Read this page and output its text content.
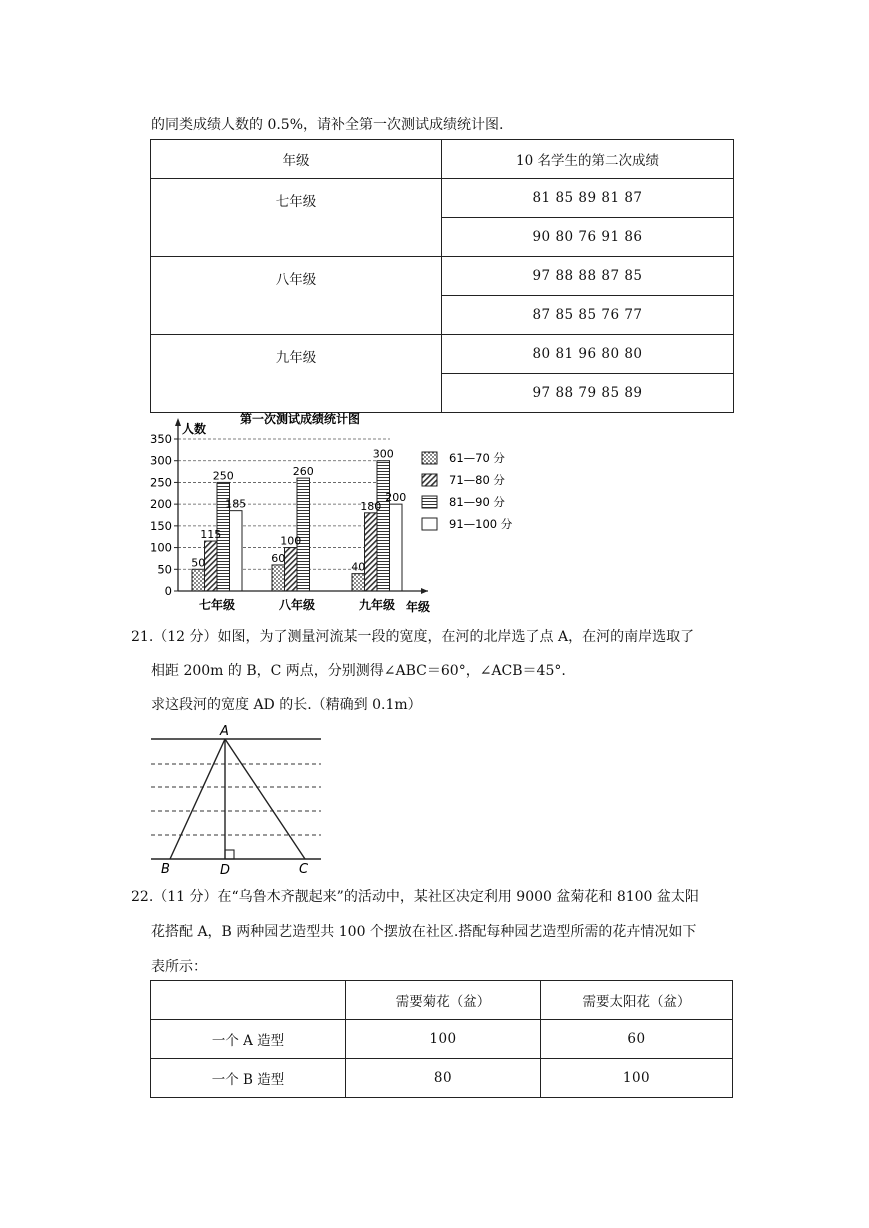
的同类成绩人数的 0.5%，请补全第一次测试成绩统计图.
年级	10 名学生的第二次成绩
七年级	81 85 89 81 87
	90 80 76 91 86
八年级	97 88 88 87 85
	87 85 85 76 77
九年级	80 81 96 80 80
	97 88 79 85 89
50
115
250
185
60
100
260
40
180
300
200
0
50
100
150
200
250
300
350
七年级	八年级	九年级
61—70 分
71—80 分
81—90 分
91—100 分
第一次测试成绩统计图
人数
年级
21.（12 分）如图，为了测量河流某一段的宽度，在河的北岸选了点 A，在河的南岸选取了
相距 200m 的 B，C 两点，分别测得∠ABC＝60°，∠ACB＝45°.
求这段河的宽度 AD 的长.（精确到 0.1m）
A
B	D	C
22.（11 分）在“乌鲁木齐靓起来”的活动中，某社区决定利用 9000 盆菊花和 8100 盆太阳
花搭配 A，B 两种园艺造型共 100 个摆放在社区.搭配每种园艺造型所需的花卉情况如下
表所示：
	需要菊花（盆）	需要太阳花（盆）
一个 A 造型	100	60
一个 B 造型	80	100
